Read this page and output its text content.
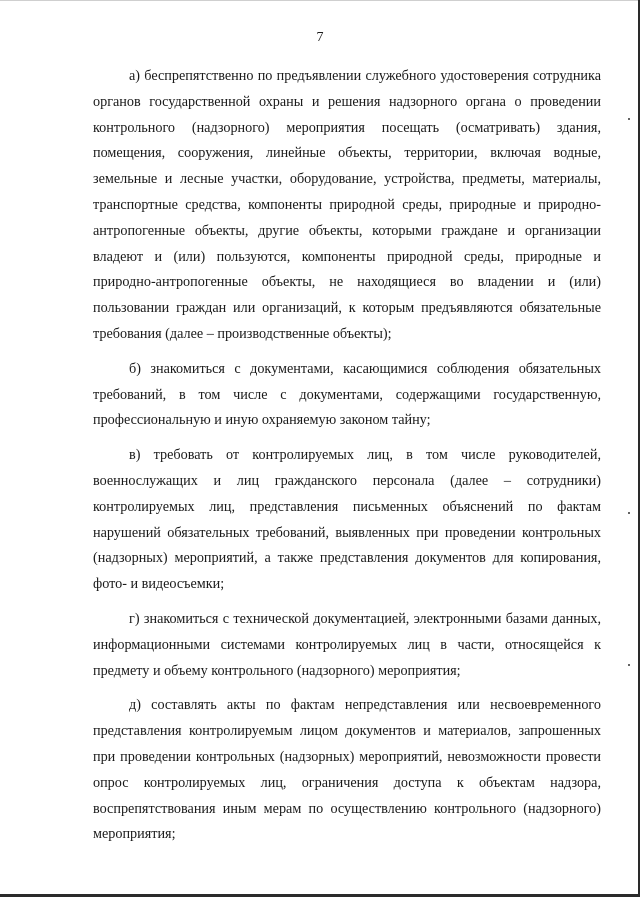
7

а) беспрепятственно по предъявлении служебного удостоверения сотрудника органов государственной охраны и решения надзорного органа о проведении контрольного (надзорного) мероприятия посещать (осматривать) здания, помещения, сооружения, линейные объекты, территории, включая водные, земельные и лесные участки, оборудование, устройства, предметы, материалы, транспортные средства, компоненты природной среды, природные и природно-антропогенные объекты, другие объекты, которыми граждане и организации владеют и (или) пользуются, компоненты природной среды, природные и природно-антропогенные объекты, не находящиеся во владении и (или) пользовании граждан или организаций, к которым предъявляются обязательные требования (далее – производственные объекты);

б) знакомиться с документами, касающимися соблюдения обязательных требований, в том числе с документами, содержащими государственную, профессиональную и иную охраняемую законом тайну;

в) требовать от контролируемых лиц, в том числе руководителей, военнослужащих и лиц гражданского персонала (далее – сотрудники) контролируемых лиц, представления письменных объяснений по фактам нарушений обязательных требований, выявленных при проведении контрольных (надзорных) мероприятий, а также представления документов для копирования, фото- и видеосъемки;

г) знакомиться с технической документацией, электронными базами данных, информационными системами контролируемых лиц в части, относящейся к предмету и объему контрольного (надзорного) мероприятия;

д) составлять акты по фактам непредставления или несвоевременного представления контролируемым лицом документов и материалов, запрошенных при проведении контрольных (надзорных) мероприятий, невозможности провести опрос контролируемых лиц, ограничения доступа к объектам надзора, воспрепятствования иным мерам по осуществлению контрольного (надзорного) мероприятия;
